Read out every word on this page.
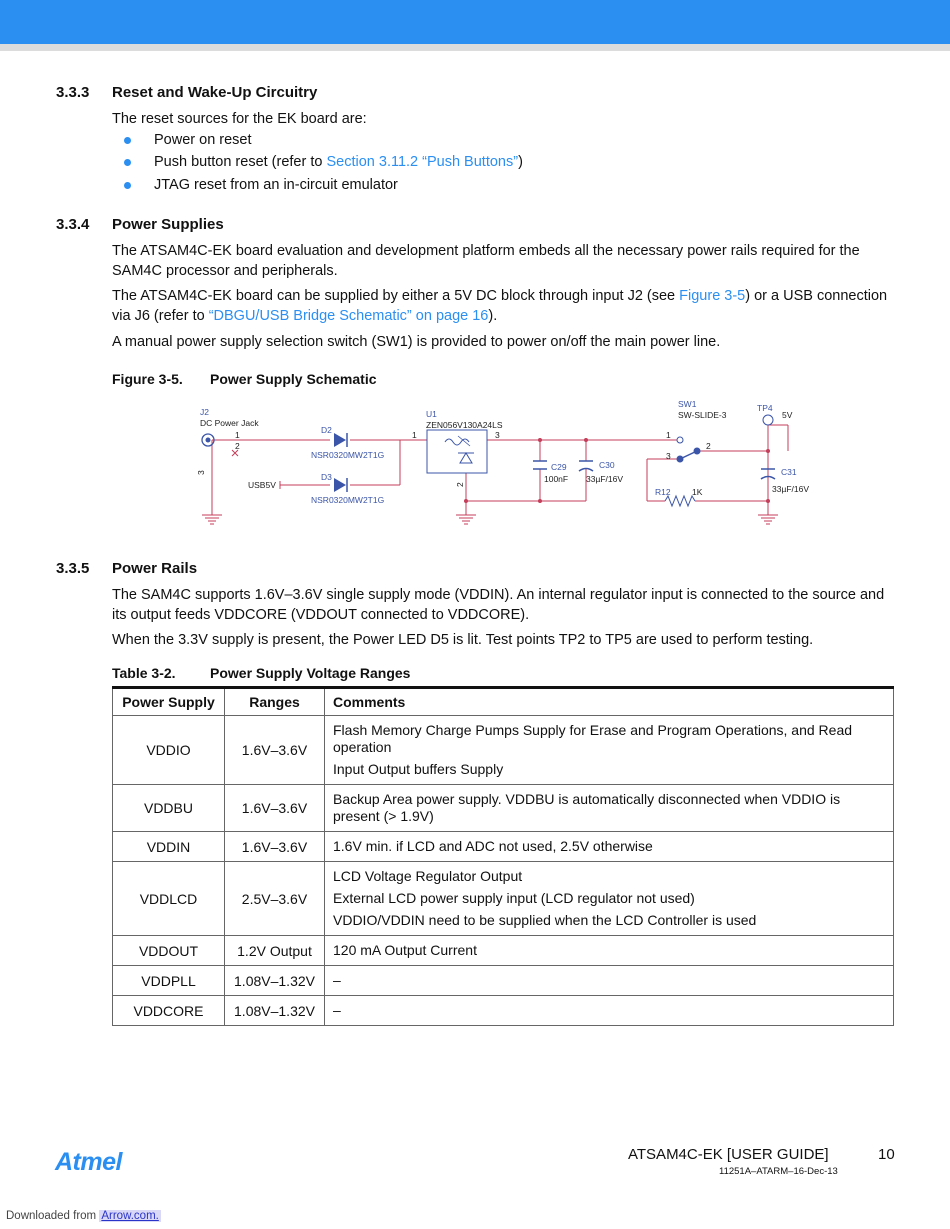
3.3.3 Reset and Wake-Up Circuitry
The reset sources for the EK board are:
Power on reset
Push button reset (refer to Section 3.11.2 “Push Buttons”)
JTAG reset from an in-circuit emulator
3.3.4 Power Supplies
The ATSAM4C-EK board evaluation and development platform embeds all the necessary power rails required for the SAM4C processor and peripherals.
The ATSAM4C-EK board can be supplied by either a 5V DC block through input J2 (see Figure 3-5) or a USB connection via J6 (refer to “DBGU/USB Bridge Schematic” on page 16).
A manual power supply selection switch (SW1) is provided to power on/off the main power line.
Figure 3-5. Power Supply Schematic
J2
DC Power Jack
1
2
3
D2
NSR0320MW2T1G
D3
NSR0320MW2T1G
USB5V
U1
ZEN056V130A24LS
1	3
2
C29
100nF
C30
33µF/16V
SW1
SW-SLIDE-3
1
2
3
R12	1K
TP4
5V
C31
33µF/16V
3.3.5 Power Rails
The SAM4C supports 1.6V–3.6V single supply mode (VDDIN). An internal regulator input is connected to the source and its output feeds VDDCORE (VDDOUT connected to VDDCORE).
When the 3.3V supply is present, the Power LED D5 is lit. Test points TP2 to TP5 are used to perform testing.
Table 3-2. Power Supply Voltage Ranges
Power Supply	Ranges	Comments
VDDIO	1.6V–3.6V	Flash Memory Charge Pumps Supply for Erase and Program Operations, and Read operation
Input Output buffers Supply

VDDBU	1.6V–3.6V	Backup Area power supply. VDDBU is automatically disconnected when VDDIO is present (> 1.9V)

VDDIN	1.6V–3.6V	1.6V min. if LCD and ADC not used, 2.5V otherwise

VDDLCD	2.5V–3.6V	LCD Voltage Regulator Output
External LCD power supply input (LCD regulator not used)
VDDIO/VDDIN need to be supplied when the LCD Controller is used

VDDOUT	1.2V Output	120 mA Output Current

VDDPLL	1.08V–1.32V	–

VDDCORE	1.08V–1.32V	–
Atmel	ATSAM4C-EK [USER GUIDE]	10
11251A–ATARM–16-Dec-13
Downloaded from Arrow.com.
